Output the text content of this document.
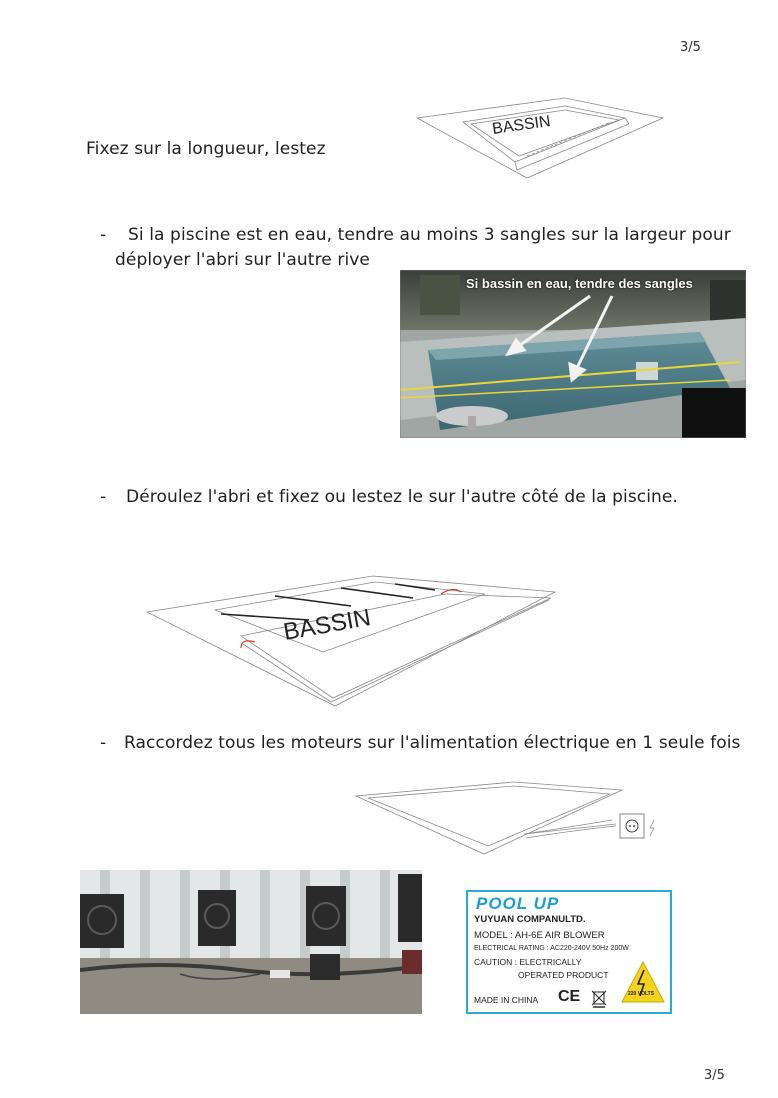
3/5
3/5
Fixez sur la longueur, lestez
BASSIN
- Si la piscine est en eau, tendre au moins 3 sangles sur la largeur pour
déployer l'abri sur l'autre rive
Si bassin en eau, tendre des sangles
- Déroulez l'abri et fixez ou lestez le sur l'autre côté de la piscine.
BASSIN
- Raccordez tous les moteurs sur l'alimentation électrique en 1 seule fois
POOL UP
YUYUAN COMPANULTD.
MODEL : AH-6E AIR BLOWER
ELECTRICAL RATING : AC220-240V 50Hz 200W
CAUTION : ELECTRICALLY
OPERATED PRODUCT
MADE IN CHINA CE	220 VOLTS
